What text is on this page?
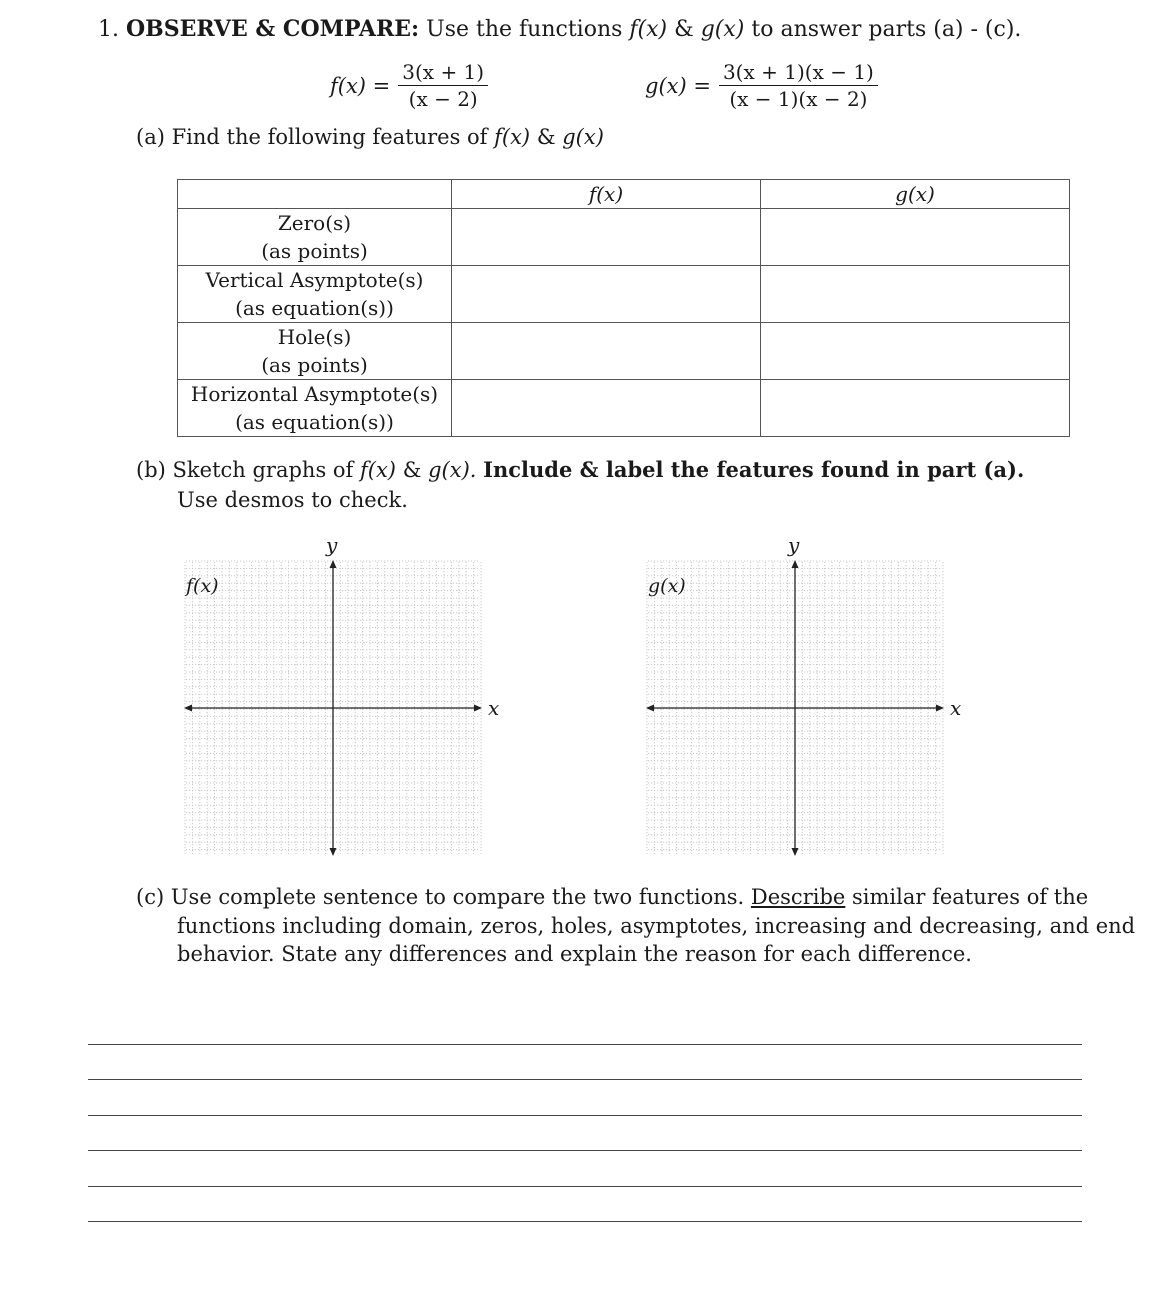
1. OBSERVE & COMPARE: Use the functions f(x) & g(x) to answer parts (a) - (c).
$f(x) = \frac{3(x + 1)}{(x - 2)}$	$g(x) = \frac{3(x + 1)(x - 1)}{(x - 1)(x - 2)}$
(a) Find the following features of f(x) & g(x)
	f(x)	g(x)

Zero(s)
(as points)		

Vertical Asymptote(s)
(as equation(s))		

Hole(s)
(as points)		

Horizontal Asymptote(s)
(as equation(s))		

(b) Sketch graphs of f(x) & g(x). Include & label the features found in part (a).
Use desmos to check.
f(x)
y
x
g(x)
y
x
(c) Use complete sentence to compare the two functions. Describe similar features of the
functions including domain, zeros, holes, asymptotes, increasing and decreasing, and end
behavior. State any differences and explain the reason for each difference.
